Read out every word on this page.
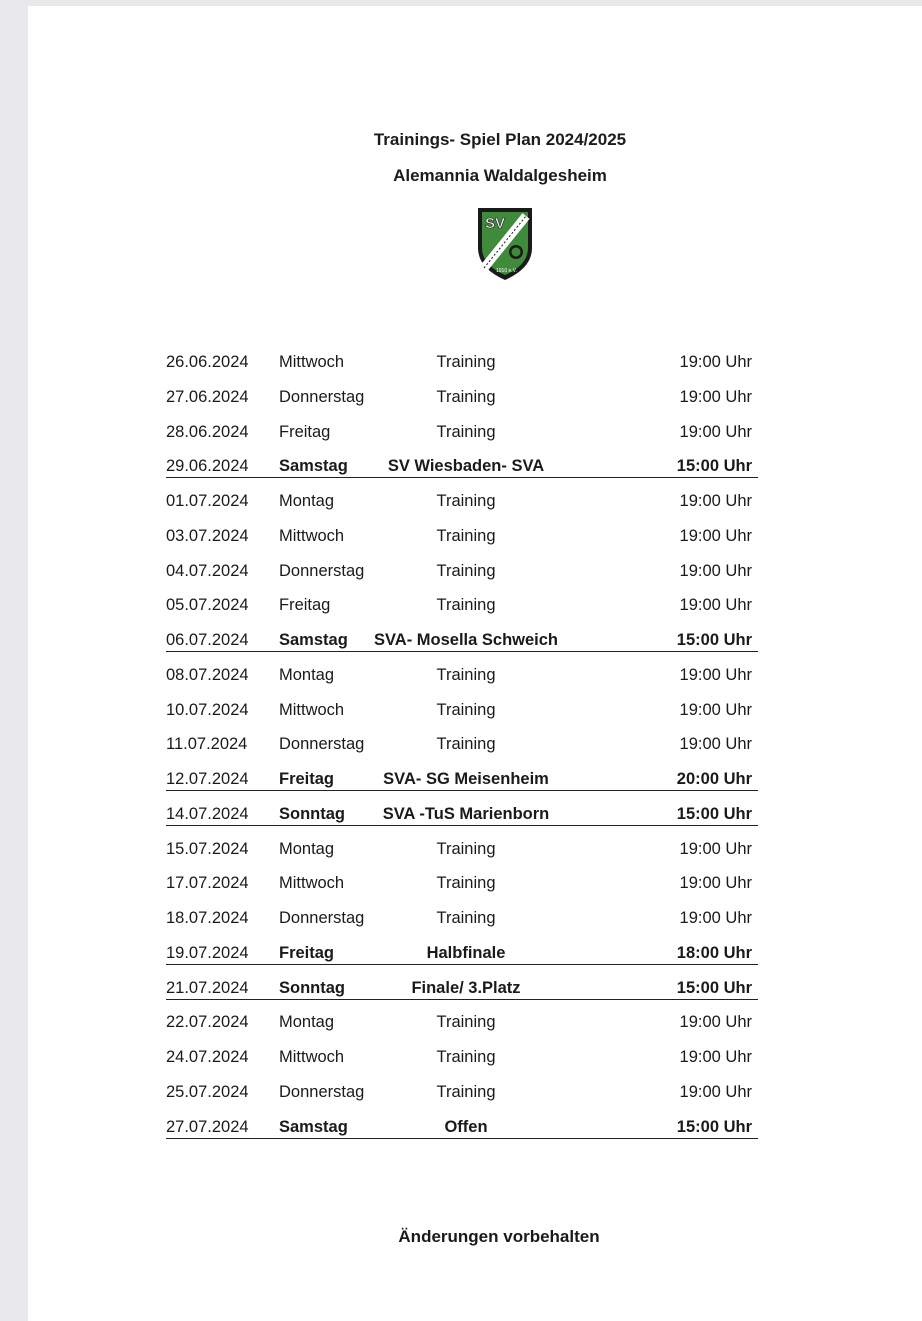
Trainings- Spiel Plan 2024/2025
Alemannia Waldalgesheim
SV
1910 e.V.
26.06.2024 Mittwoch	Training	19:00 Uhr
27.06.2024 Donnerstag	Training	19:00 Uhr
28.06.2024 Freitag	Training	19:00 Uhr
29.06.2024 Samstag	SV Wiesbaden- SVA	15:00 Uhr
01.07.2024 Montag	Training	19:00 Uhr
03.07.2024 Mittwoch	Training	19:00 Uhr
04.07.2024 Donnerstag	Training	19:00 Uhr
05.07.2024 Freitag	Training	19:00 Uhr
06.07.2024 Samstag	SVA- Mosella Schweich	15:00 Uhr
08.07.2024 Montag	Training	19:00 Uhr
10.07.2024 Mittwoch	Training	19:00 Uhr
11.07.2024 Donnerstag	Training	19:00 Uhr
12.07.2024 Freitag	SVA- SG Meisenheim	20:00 Uhr
14.07.2024 Sonntag	SVA -TuS Marienborn	15:00 Uhr
15.07.2024 Montag	Training	19:00 Uhr
17.07.2024 Mittwoch	Training	19:00 Uhr
18.07.2024 Donnerstag	Training	19:00 Uhr
19.07.2024 Freitag	Halbfinale	18:00 Uhr
21.07.2024 Sonntag	Finale/ 3.Platz	15:00 Uhr
22.07.2024 Montag	Training	19:00 Uhr
24.07.2024 Mittwoch	Training	19:00 Uhr
25.07.2024 Donnerstag	Training	19:00 Uhr
27.07.2024 Samstag	Offen	15:00 Uhr
Änderungen vorbehalten
